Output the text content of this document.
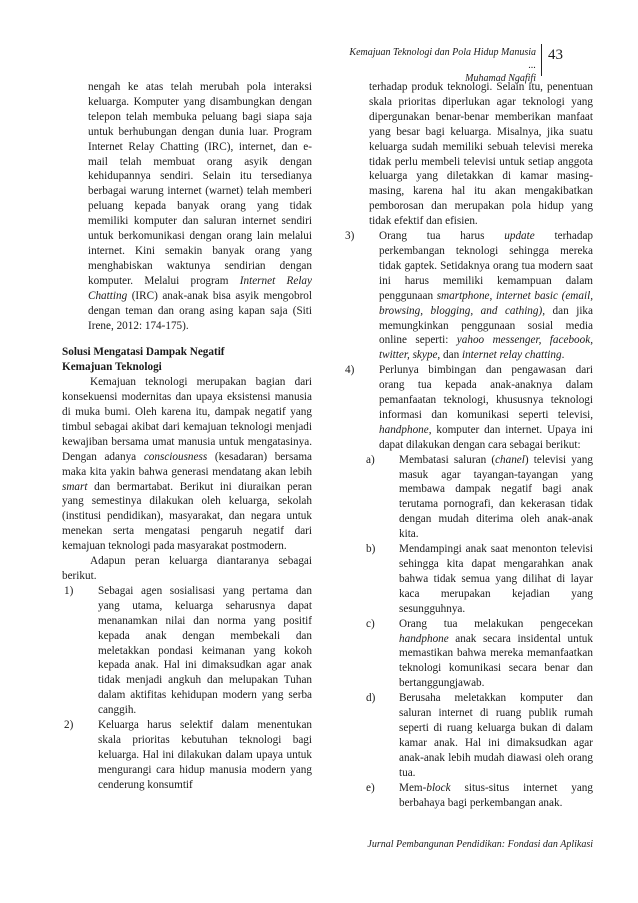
Kemajuan Teknologi dan Pola Hidup Manusia ...
Muhamad Ngafifi
43

nengah ke atas telah merubah pola interaksi keluarga. Komputer yang disambungkan dengan telepon telah membuka peluang bagi siapa saja untuk berhubungan dengan dunia luar. Program Internet Relay Chatting (IRC), internet, dan e-mail telah membuat orang asyik dengan kehidupannya sendiri. Selain itu tersedianya berbagai warung internet (warnet) telah memberi peluang kepada banyak orang yang tidak memiliki komputer dan saluran internet sendiri untuk berkomunikasi dengan orang lain melalui internet. Kini semakin banyak orang yang menghabiskan waktunya sendirian dengan komputer. Melalui program Internet Relay Chatting (IRC) anak-anak bisa asyik mengobrol dengan teman dan orang asing kapan saja (Siti Irene, 2012: 174-175).

Solusi Mengatasi Dampak Negatif
Kemajuan Teknologi

Kemajuan teknologi merupakan bagian dari konsekuensi modernitas dan upaya eksistensi manusia di muka bumi. Oleh karena itu, dampak negatif yang timbul sebagai akibat dari kemajuan teknologi menjadi kewajiban bersama umat manusia untuk mengatasinya. Dengan adanya consciousness (kesadaran) bersama maka kita yakin bahwa generasi mendatang akan lebih smart dan bermartabat. Berikut ini diuraikan peran yang semestinya dilakukan oleh keluarga, sekolah (institusi pendidikan), masyarakat, dan negara untuk menekan serta mengatasi pengaruh negatif dari kemajuan teknologi pada masyarakat postmodern.

Adapun peran keluarga diantaranya sebagai berikut.

1) Sebagai agen sosialisasi yang pertama dan yang utama, keluarga seharusnya dapat menanamkan nilai dan norma yang positif kepada anak dengan membekali dan meletakkan pondasi keimanan yang kokoh kepada anak. Hal ini dimaksudkan agar anak tidak menjadi angkuh dan melupakan Tuhan dalam aktifitas kehidupan modern yang serba canggih.
2) Keluarga harus selektif dalam menentukan skala prioritas kebutuhan teknologi bagi keluarga. Hal ini dilakukan dalam upaya untuk mengurangi cara hidup manusia modern yang cenderung konsumtif

terhadap produk teknologi. Selain itu, penentuan skala prioritas diperlukan agar teknologi yang dipergunakan benar-benar memberikan manfaat yang besar bagi keluarga. Misalnya, jika suatu keluarga sudah memiliki sebuah televisi mereka tidak perlu membeli televisi untuk setiap anggota keluarga yang diletakkan di kamar masing-masing, karena hal itu akan mengakibatkan pemborosan dan merupakan pola hidup yang tidak efektif dan efisien.

3) Orang tua harus update terhadap perkembangan teknologi sehingga mereka tidak gaptek. Setidaknya orang tua modern saat ini harus memiliki kemampuan dalam penggunaan smartphone, internet basic (email, browsing, blogging, and cathing), dan jika memungkinkan penggunaan sosial media online seperti: yahoo messenger, facebook, twitter, skype, dan internet relay chatting.
4) Perlunya bimbingan dan pengawasan dari orang tua kepada anak-anaknya dalam pemanfaatan teknologi, khususnya teknologi informasi dan komunikasi seperti televisi, handphone, komputer dan internet. Upaya ini dapat dilakukan dengan cara sebagai berikut:
a) Membatasi saluran (chanel) televisi yang masuk agar tayangan-tayangan yang membawa dampak negatif bagi anak terutama pornografi, dan kekerasan tidak dengan mudah diterima oleh anak-anak kita.
b) Mendampingi anak saat menonton televisi sehingga kita dapat mengarahkan anak bahwa tidak semua yang dilihat di layar kaca merupakan kejadian yang sesungguhnya.
c) Orang tua melakukan pengecekan handphone anak secara insidental untuk memastikan bahwa mereka memanfaatkan teknologi komunikasi secara benar dan bertanggungjawab.
d) Berusaha meletakkan komputer dan saluran internet di ruang publik rumah seperti di ruang keluarga bukan di dalam kamar anak. Hal ini dimaksudkan agar anak-anak lebih mudah diawasi oleh orang tua.
e) Mem-block situs-situs internet yang berbahaya bagi perkembangan anak.
Jurnal Pembangunan Pendidikan: Fondasi dan Aplikasi
